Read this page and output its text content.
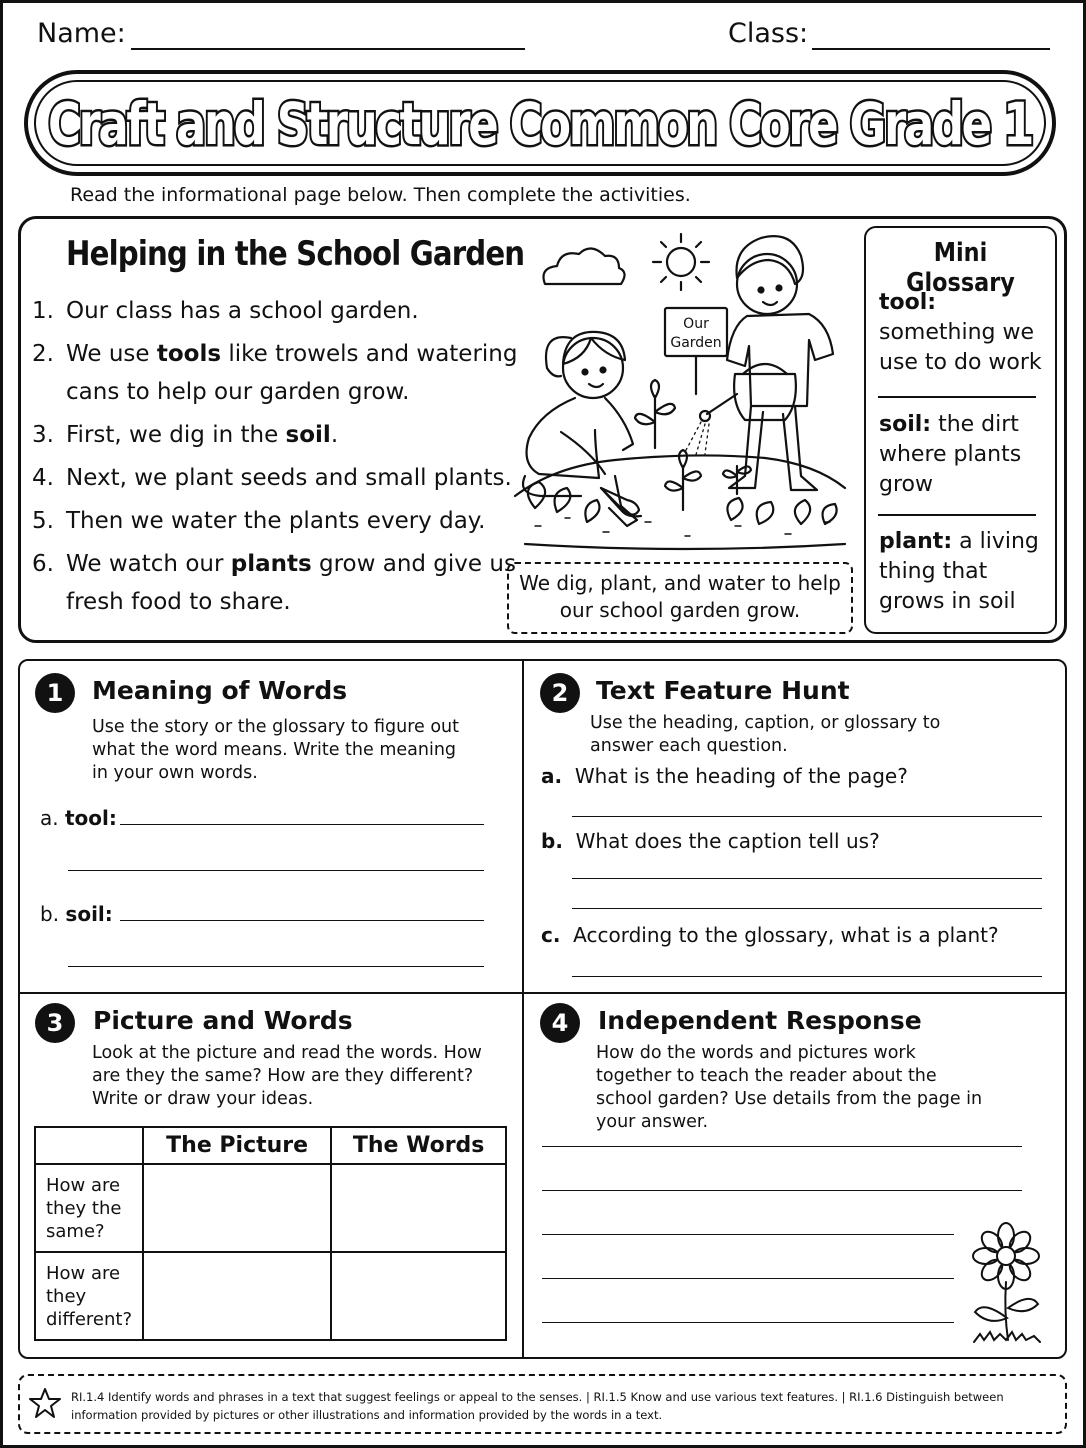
Name:	Class:
Craft and Structure Common Core Grade 1
Read the informational page below. Then complete the activities.
Helping in the School Garden
1. Our class has a school garden.
2. We use tools like trowels and watering cans to help our garden grow.
3. First, we dig in the soil.
4. Next, we plant seeds and small plants.
5. Then we water the plants every day.
6. We watch our plants grow and give us fresh food to share.
Our
Garden
We dig, plant, and water to help our school garden grow.
Mini Glossary
tool: something we use to do work
soil: the dirt where plants grow
plant: a living thing that grows in soil
1	Meaning of Words
Use the story or the glossary to figure out what the word means. Write the meaning in your own words.
a. tool:
b. soil:
2	Text Feature Hunt
Use the heading, caption, or glossary to answer each question.
a. What is the heading of the page?
b. What does the caption tell us?
c. According to the glossary, what is a plant?
3	Picture and Words
Look at the picture and read the words. How are they the same? How are they different? Write or draw your ideas.
	The Picture	The Words
How are they the same?		
How are they different?		
4	Independent Response
How do the words and pictures work together to teach the reader about the school garden? Use details from the page in your answer.
RI.1.4 Identify words and phrases in a text that suggest feelings or appeal to the senses. | RI.1.5 Know and use various text features. | RI.1.6 Distinguish between information provided by pictures or other illustrations and information provided by the words in a text.
